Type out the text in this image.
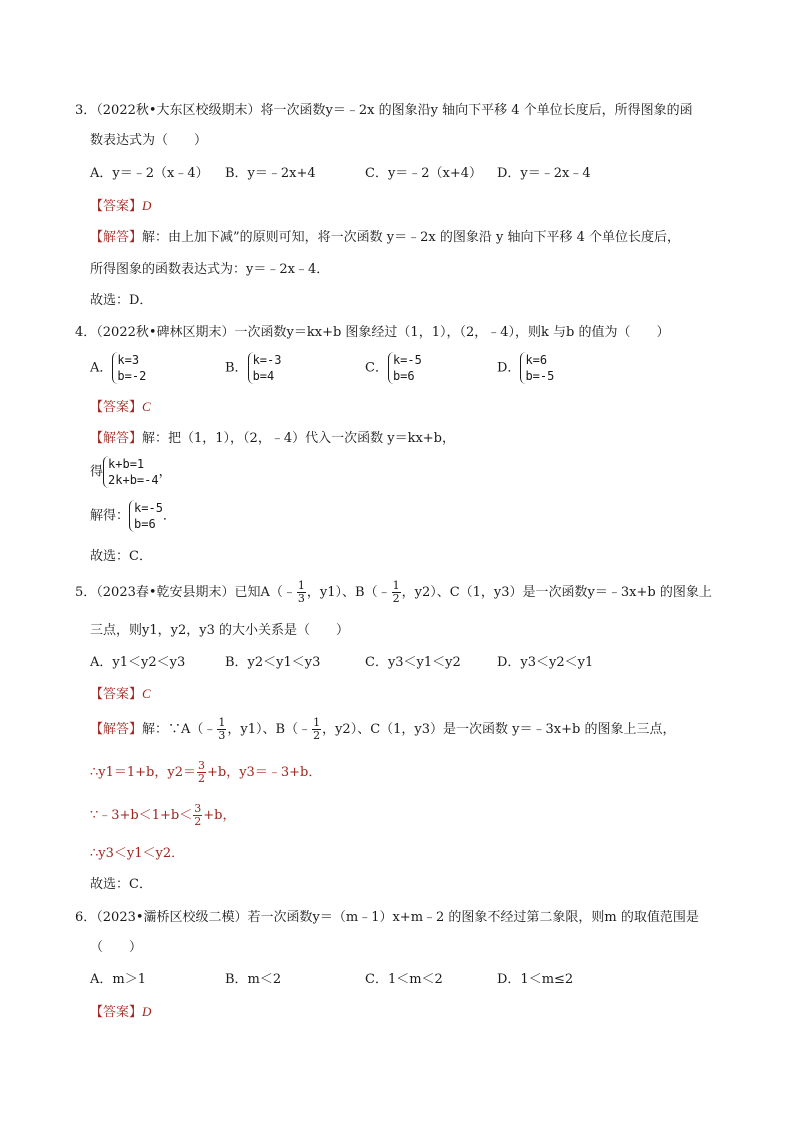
3．（2022秋•大东区校级期末）将一次函数y＝﹣2x 的图象沿y 轴向下平移 4 个单位长度后，所得图象的函
数表达式为（　　）
A．y＝﹣2（x﹣4） B．y＝﹣2x+4	C．y＝﹣2（x+4） D．y＝﹣2x﹣4
【答案】D
【解答】解：由上加下减”的原则可知，将一次函数 y＝﹣2x 的图象沿 y 轴向下平移 4 个单位长度后，
所得图象的函数表达式为：y＝﹣2x﹣4．
故选：D．
4．（2022秋•碑林区期末）一次函数y＝kx+b 图象经过（1，1），（2，﹣4），则k 与b 的值为（　　）
A．k=3
b=-2
B．k=-3
b=4
C．k=-5
b=6
D．k=6
b=-5
【答案】C
【解答】解：把（1，1），（2，﹣4）代入一次函数 y＝kx+b，
得k+b=1
2k+b=-4，
解得：k=-5
b=6．
故选：C．
5．（2023春•乾安县期末）已知A（﹣ $\frac{1}{3}$ ，y1）、B（﹣ $\frac{1}{2}$ ，y2）、C（1，y3）是一次函数y＝﹣3x+b 的图象上
三点，则y1，y2，y3 的大小关系是（　　）
A．y1＜y2＜y3	B．y2＜y1＜y3	C．y3＜y1＜y2	D．y3＜y2＜y1
【答案】C
【解答】解：∵A（﹣ $\frac{1}{3}$ ，y1）、B（﹣ $\frac{1}{2}$ ，y2）、C（1，y3）是一次函数 y＝﹣3x+b 的图象上三点，
∴y1＝1+b，$y2= \frac{3}{2} +b$，y3＝﹣3+b．
∵﹣3+b＜1+b＜ $\frac{3}{2} +b$，
∴y3＜y1＜y2．
故选：C．
6．（2023•灞桥区校级二模）若一次函数y＝（m﹣1）x+m﹣2 的图象不经过第二象限，则m 的取值范围是
（　　）
A．m＞1	B．m＜2	C．1＜m＜2	D．1＜m≤2
【答案】D
